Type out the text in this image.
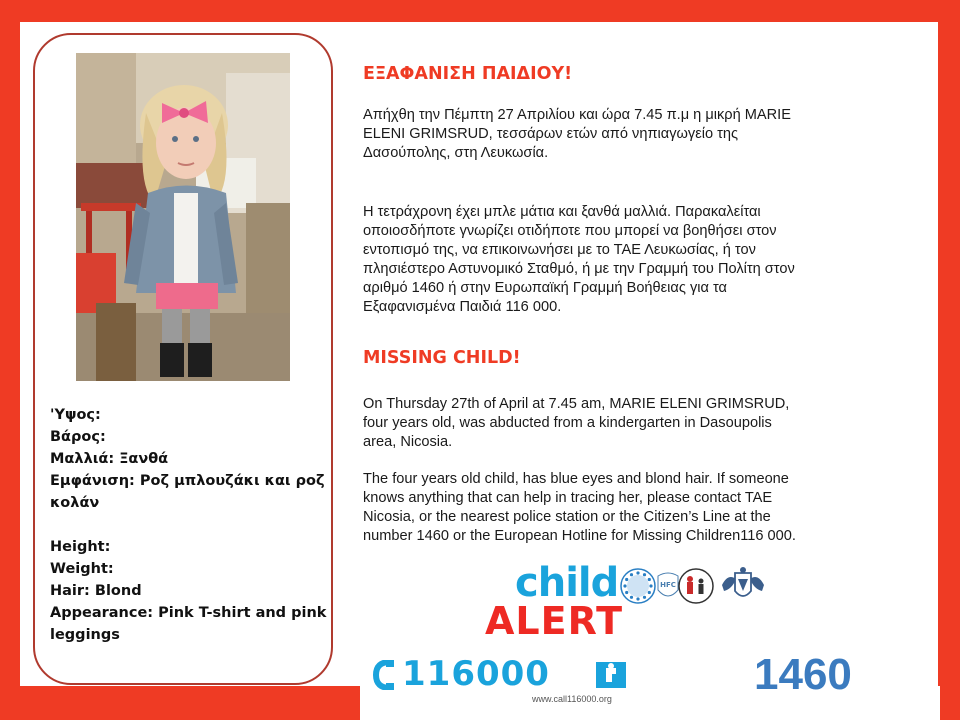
'Υψος:
Βάρος:
Μαλλιά: Ξανθά
Εμφάνιση: Ροζ μπλουζάκι και ροζ
κολάν
Height:
Weight:
Hair: Blond
Appearance: Pink T-shirt and pink
leggings
ΕΞΑΦΑΝΙΣΗ ΠΑΙΔΙΟΥ!
Απήχθη την Πέμπτη 27 Απριλίου και ώρα 7.45 π.μ η μικρή MARIE
ELENI GRIMSRUD, τεσσάρων ετών από νηπιαγωγείο της
Δασούπολης, στη Λευκωσία.
Η τετράχρονη έχει μπλε μάτια και ξανθά μαλλιά. Παρακαλείται
οποιοσδήποτε γνωρίζει οτιδήποτε που μπορεί να βοηθήσει στον
εντοπισμό της, να επικοινωνήσει με το ΤΑΕ Λευκωσίας, ή τον
πλησιέστερο Αστυνομικό Σταθμό, ή με την Γραμμή του Πολίτη στον
αριθμό 1460 ή στην Ευρωπαϊκή Γραμμή Βοήθειας για τα
Εξαφανισμένα Παιδιά 116 000.
MISSING CHILD!
On Thursday 27th of April at 7.45 am, MARIE ELENI GRIMSRUD,
four years old, was abducted from a kindergarten in Dasoupolis
area, Nicosia.
The four years old child, has blue eyes and blond hair. If someone
knows anything that can help in tracing her, please contact TAE
Nicosia, or the nearest police station or the Citizen’s Line at the
number 1460 or the European Hotline for Missing Children116 000.
child
ALERT
HFC
116000
www.call116000.org	1460
